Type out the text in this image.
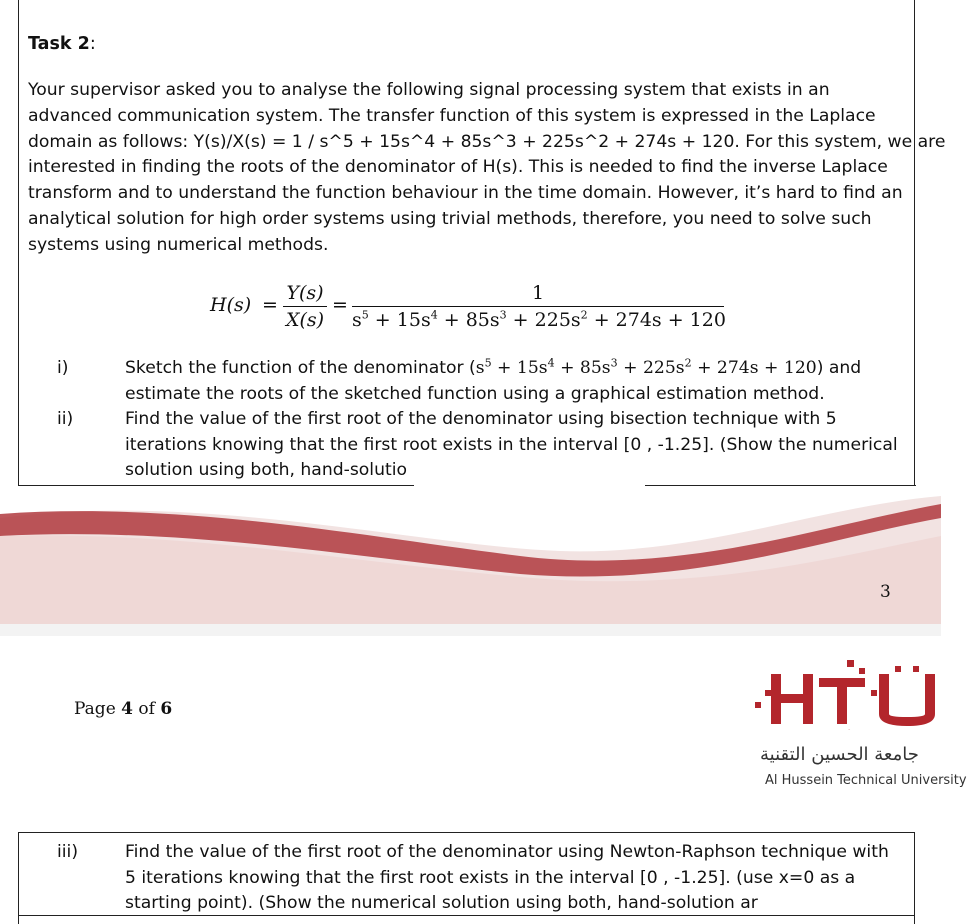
Task 2:
Your supervisor asked you to analyse the following signal processing system that exists in an
advanced communication system. The transfer function of this system is expressed in the Laplace
domain as follows: Y(s)/X(s) = 1 / s^5 + 15s^4 + 85s^3 + 225s^2 + 274s + 120. For this system, we are
interested in finding the roots of the denominator of H(s). This is needed to find the inverse Laplace
transform and to understand the function behaviour in the time domain. However, it’s hard to find an
analytical solution for high order systems using trivial methods, therefore, you need to solve such
systems using numerical methods.
$H(s) = \frac{Y(s)}{X(s)} = \frac{1}{s^5 + 15s^4 + 85s^3 + 225s^2 + 274s + 120}$
i)	Sketch the function of the denominator $(s^5 + 15s^4 + 85s^3 + 225s^2 + 274s + 120)$ and
estimate the roots of the sketched function using a graphical estimation method.
ii)	Find the value of the first root of the denominator using bisection technique with 5
iterations knowing that the first root exists in the interval [0 , -1.25]. (Show the numerical
solution using both, hand-solutio
3
Page 4 of 6
HTU
جامعة الحسين التقنية
Al Hussein Technical University
iii)	Find the value of the first root of the denominator using Newton-Raphson technique with
5 iterations knowing that the first root exists in the interval [0 , -1.25]. (use x=0 as a
starting point). (Show the numerical solution using both, hand-solution ar
